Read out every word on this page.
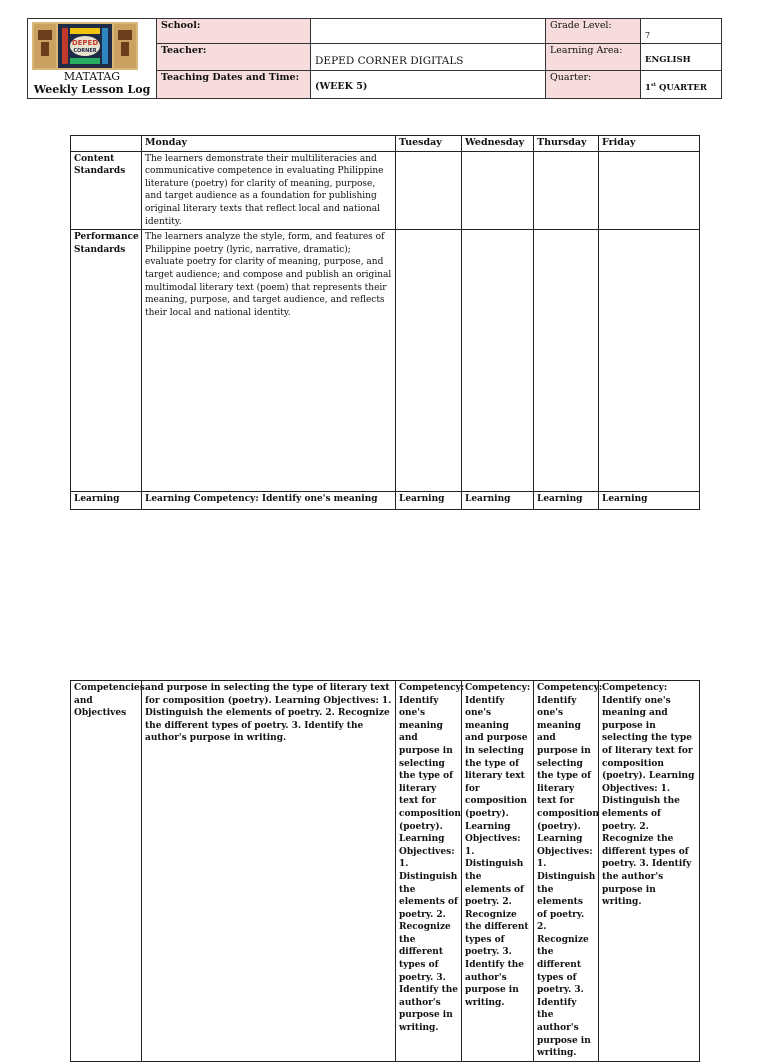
DEPED
CORNER
MATATAG
Weekly Lesson Log	School:		Grade Level:	7
	Teacher:	DEPED CORNER DIGITALS	Learning Area:	ENGLISH
	Teaching Dates and Time:	(WEEK 5)	Quarter:	1st QUARTER
	Monday	Tuesday	Wednesday	Thursday	Friday
Content Standards	The learners demonstrate their multiliteracies and communicative competence in evaluating Philippine literature (poetry) for clarity of meaning, purpose, and target audience as a foundation for publishing original literary texts that reflect local and national identity.				
Performance Standards	The learners analyze the style, form, and features of Philippine poetry (lyric, narrative, dramatic); evaluate poetry for clarity of meaning, purpose, and target audience; and compose and publish an original multimodal literary text (poem) that represents their meaning, purpose, and target audience, and reflects their local and national identity.				
Learning	Learning Competency: Identify one's meaning	Learning	Learning	Learning	Learning
Competencies and Objectives	and purpose in selecting the type of literary text for composition (poetry). Learning Objectives: 1. Distinguish the elements of poetry. 2. Recognize the different types of poetry. 3. Identify the author's purpose in writing.	Competency: Identify one's meaning and purpose in selecting the type of literary text for composition (poetry). Learning Objectives: 1. Distinguish the elements of poetry. 2. Recognize the different types of poetry. 3. Identify the author's purpose in writing.	Competency: Identify one's meaning and purpose in selecting the type of literary text for composition (poetry). Learning Objectives: 1. Distinguish the elements of poetry. 2. Recognize the different types of poetry. 3. Identify the author's purpose in writing.	Competency: Identify one's meaning and purpose in selecting the type of literary text for composition (poetry). Learning Objectives: 1. Distinguish the elements of poetry. 2. Recognize the different types of poetry. 3. Identify the author's purpose in writing.	Competency: Identify one's meaning and purpose in selecting the type of literary text for composition (poetry). Learning Objectives: 1. Distinguish the elements of poetry. 2. Recognize the different types of poetry. 3. Identify the author's purpose in writing.
